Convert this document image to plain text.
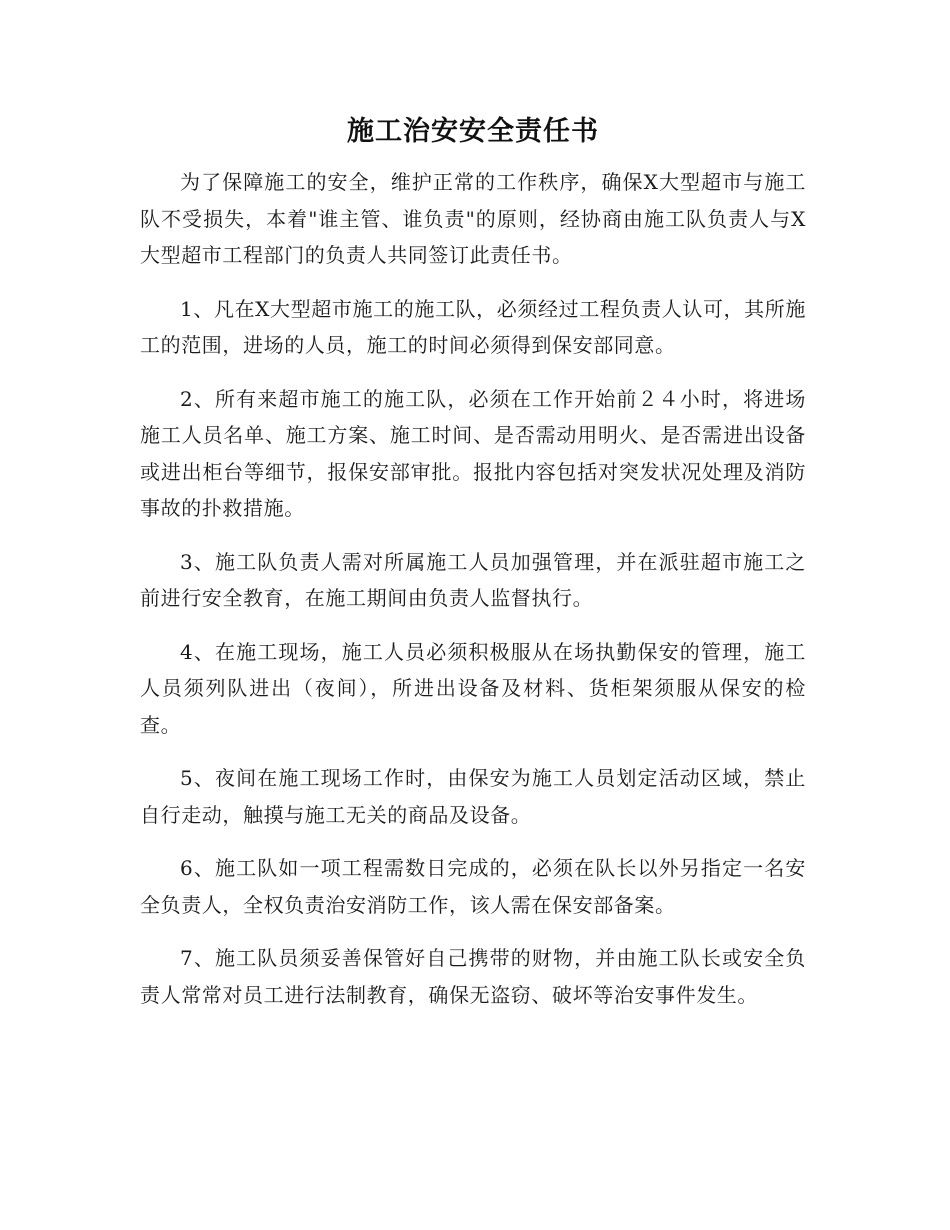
施工治安安全责任书

为了保障施工的安全，维护正常的工作秩序，确保X大型超市与施工队不受损失，本着"谁主管、谁负责"的原则，经协商由施工队负责人与X大型超市工程部门的负责人共同签订此责任书。

1、凡在X大型超市施工的施工队，必须经过工程负责人认可，其所施工的范围，进场的人员，施工的时间必须得到保安部同意。

2、所有来超市施工的施工队，必须在工作开始前２４小时，将进场施工人员名单、施工方案、施工时间、是否需动用明火、是否需进出设备或进出柜台等细节，报保安部审批。报批内容包括对突发状况处理及消防事故的扑救措施。

3、施工队负责人需对所属施工人员加强管理，并在派驻超市施工之前进行安全教育，在施工期间由负责人监督执行。

4、在施工现场，施工人员必须积极服从在场执勤保安的管理，施工人员须列队进出（夜间），所进出设备及材料、货柜架须服从保安的检查。

5、夜间在施工现场工作时，由保安为施工人员划定活动区域，禁止自行走动，触摸与施工无关的商品及设备。

6、施工队如一项工程需数日完成的，必须在队长以外另指定一名安全负责人，全权负责治安消防工作，该人需在保安部备案。

7、施工队员须妥善保管好自己携带的财物，并由施工队长或安全负责人常常对员工进行法制教育，确保无盗窃、破坏等治安事件发生。
